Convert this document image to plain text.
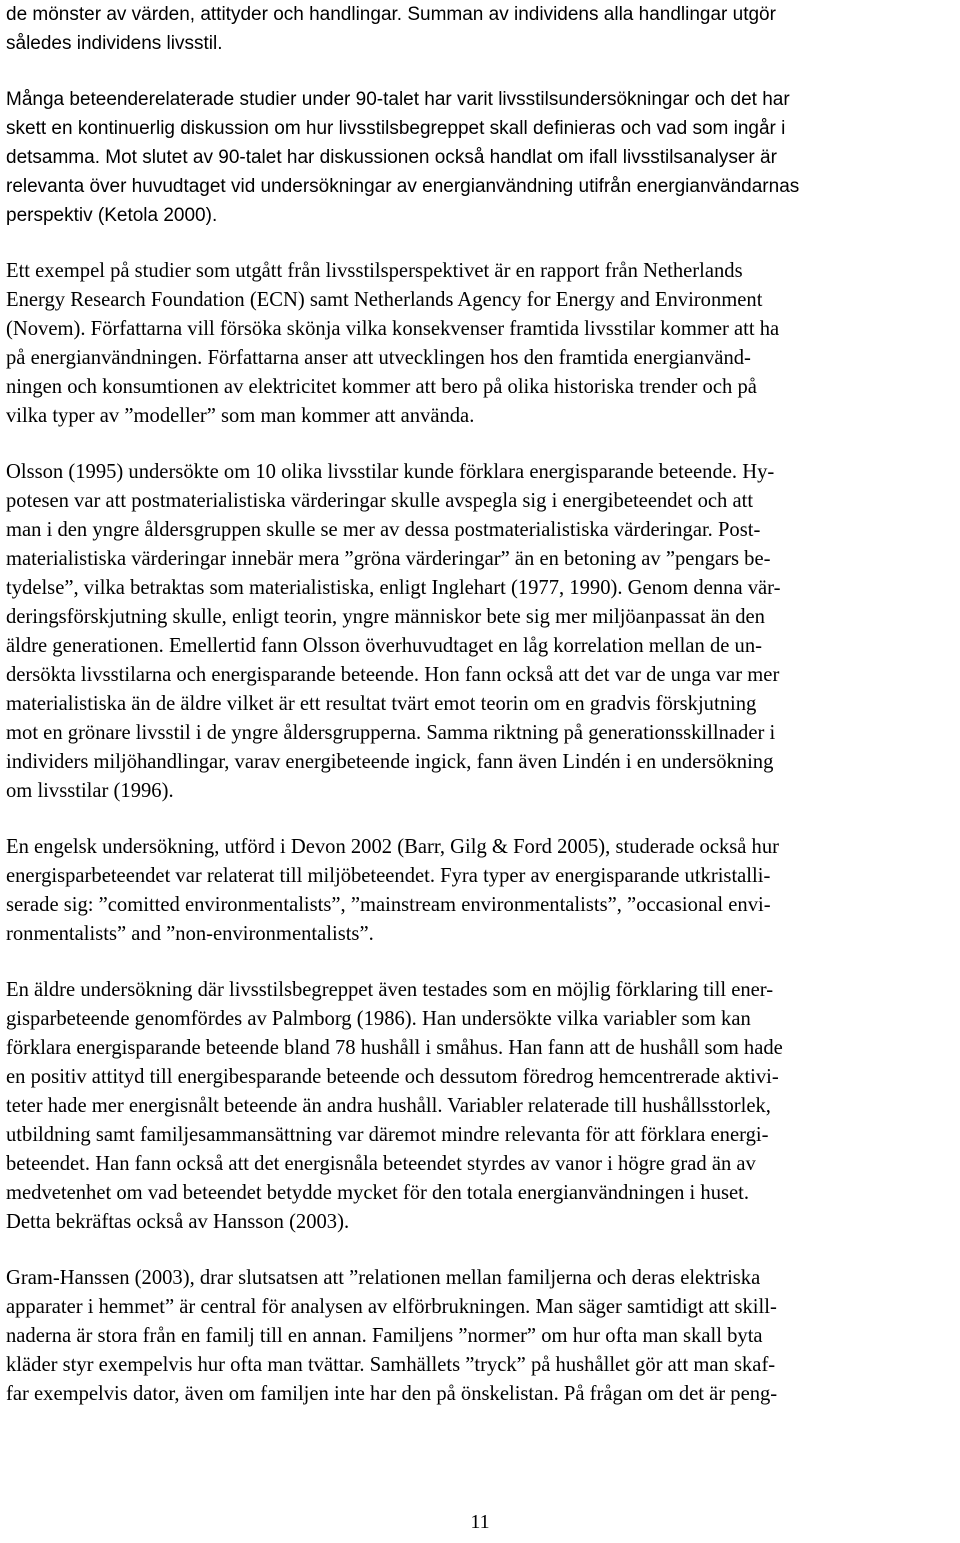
de mönster av värden, attityder och handlingar. Summan av individens alla handlingar utgör
således individens livsstil.
Många beteenderelaterade studier under 90-talet har varit livsstilsundersökningar och det har
skett en kontinuerlig diskussion om hur livsstilsbegreppet skall definieras och vad som ingår i
detsamma. Mot slutet av 90-talet har diskussionen också handlat om ifall livsstilsanalyser är
relevanta över huvudtaget vid undersökningar av energianvändning utifrån energianvändarnas
perspektiv (Ketola 2000).
Ett exempel på studier som utgått från livsstilsperspektivet är en rapport från Netherlands
Energy Research Foundation (ECN) samt Netherlands Agency for Energy and Environment
(Novem). Författarna vill försöka skönja vilka konsekvenser framtida livsstilar kommer att ha
på energianvändningen. Författarna anser att utvecklingen hos den framtida energianvänd-
ningen och konsumtionen av elektricitet kommer att bero på olika historiska trender och på
vilka typer av ”modeller” som man kommer att använda.
Olsson (1995) undersökte om 10 olika livsstilar kunde förklara energisparande beteende. Hy-
potesen var att postmaterialistiska värderingar skulle avspegla sig i energibeteendet och att
man i den yngre åldersgruppen skulle se mer av dessa postmaterialistiska värderingar. Post-
materialistiska värderingar innebär mera ”gröna värderingar” än en betoning av ”pengars be-
tydelse”, vilka betraktas som materialistiska, enligt Inglehart (1977, 1990). Genom denna vär-
deringsförskjutning skulle, enligt teorin, yngre människor bete sig mer miljöanpassat än den
äldre generationen. Emellertid fann Olsson överhuvudtaget en låg korrelation mellan de un-
dersökta livsstilarna och energisparande beteende. Hon fann också att det var de unga var mer
materialistiska än de äldre vilket är ett resultat tvärt emot teorin om en gradvis förskjutning
mot en grönare livsstil i de yngre åldersgrupperna. Samma riktning på generationsskillnader i
individers miljöhandlingar, varav energibeteende ingick, fann även Lindén i en undersökning
om livsstilar (1996).
En engelsk undersökning, utförd i Devon 2002 (Barr, Gilg & Ford 2005), studerade också hur
energisparbeteendet var relaterat till miljöbeteendet. Fyra typer av energisparande utkristalli-
serade sig: ”comitted environmentalists”, ”mainstream environmentalists”, ”occasional envi-
ronmentalists” and ”non-environmentalists”.
En äldre undersökning där livsstilsbegreppet även testades som en möjlig förklaring till ener-
gisparbeteende genomfördes av Palmborg (1986). Han undersökte vilka variabler som kan
förklara energisparande beteende bland 78 hushåll i småhus. Han fann att de hushåll som hade
en positiv attityd till energibesparande beteende och dessutom föredrog hemcentrerade aktivi-
teter hade mer energisnålt beteende än andra hushåll. Variabler relaterade till hushållsstorlek,
utbildning samt familjesammansättning var däremot mindre relevanta för att förklara energi-
beteendet. Han fann också att det energisnåla beteendet styrdes av vanor i högre grad än av
medvetenhet om vad beteendet betydde mycket för den totala energianvändningen i huset.
Detta bekräftas också av Hansson (2003).
Gram-Hanssen (2003), drar slutsatsen att ”relationen mellan familjerna och deras elektriska
apparater i hemmet” är central för analysen av elförbrukningen. Man säger samtidigt att skill-
naderna är stora från en familj till en annan. Familjens ”normer” om hur ofta man skall byta
kläder styr exempelvis hur ofta man tvättar. Samhällets ”tryck” på hushållet gör att man skaf-
far exempelvis dator, även om familjen inte har den på önskelistan. På frågan om det är peng-
11
